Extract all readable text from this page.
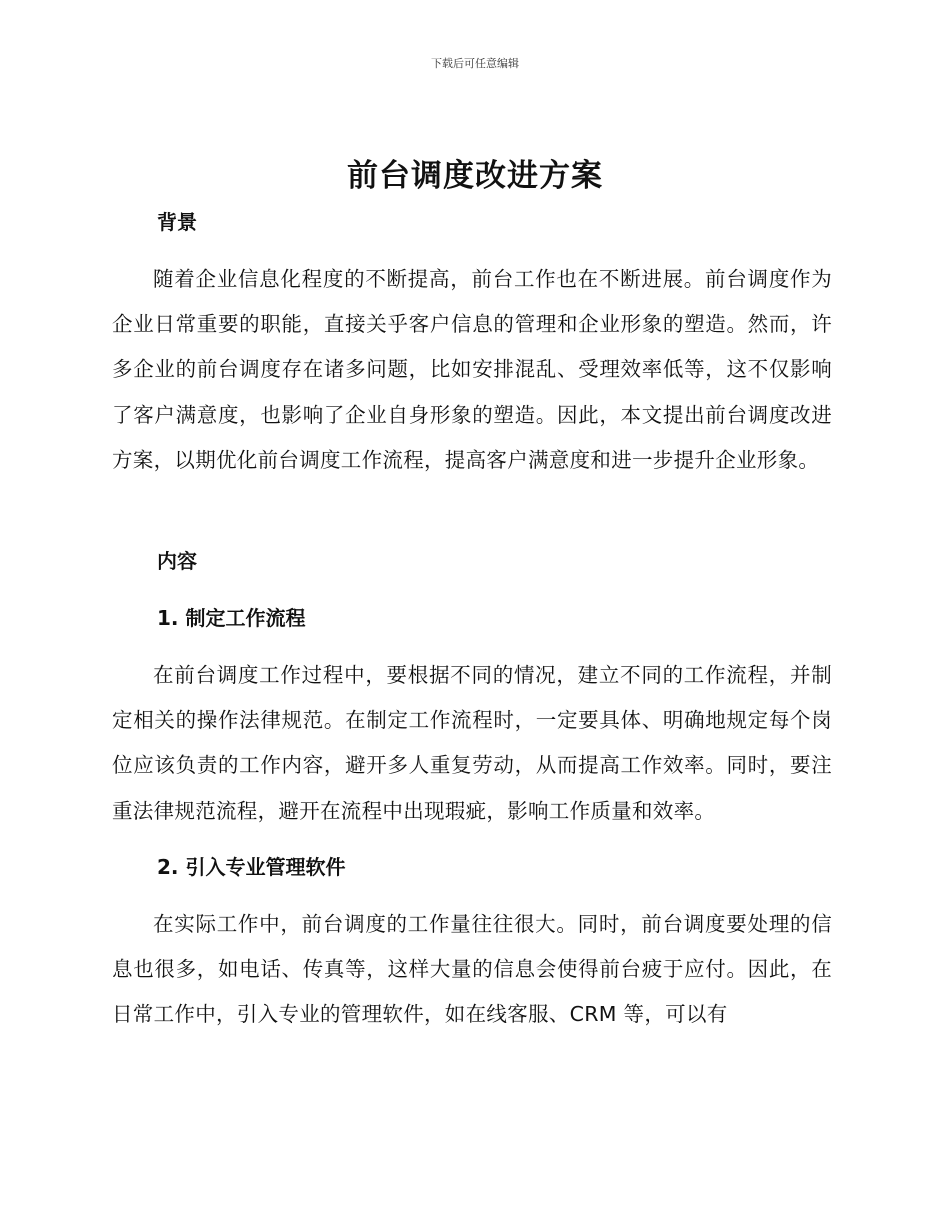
下载后可任意编辑
前台调度改进方案
背景

随着企业信息化程度的不断提高，前台工作也在不断进展。前台调度作为企业日常重要的职能，直接关乎客户信息的管理和企业形象的塑造。然而，许多企业的前台调度存在诸多问题，比如安排混乱、受理效率低等，这不仅影响了客户满意度，也影响了企业自身形象的塑造。因此，本文提出前台调度改进方案，以期优化前台调度工作流程，提高客户满意度和进一步提升企业形象。

内容
1. 制定工作流程

在前台调度工作过程中，要根据不同的情况，建立不同的工作流程，并制定相关的操作法律规范。在制定工作流程时，一定要具体、明确地规定每个岗位应该负责的工作内容，避开多人重复劳动，从而提高工作效率。同时，要注重法律规范流程，避开在流程中出现瑕疵，影响工作质量和效率。

2. 引入专业管理软件

在实际工作中，前台调度的工作量往往很大。同时，前台调度要处理的信息也很多，如电话、传真等，这样大量的信息会使得前台疲于应付。因此，在日常工作中，引入专业的管理软件，如在线客服、CRM 等，可以有
